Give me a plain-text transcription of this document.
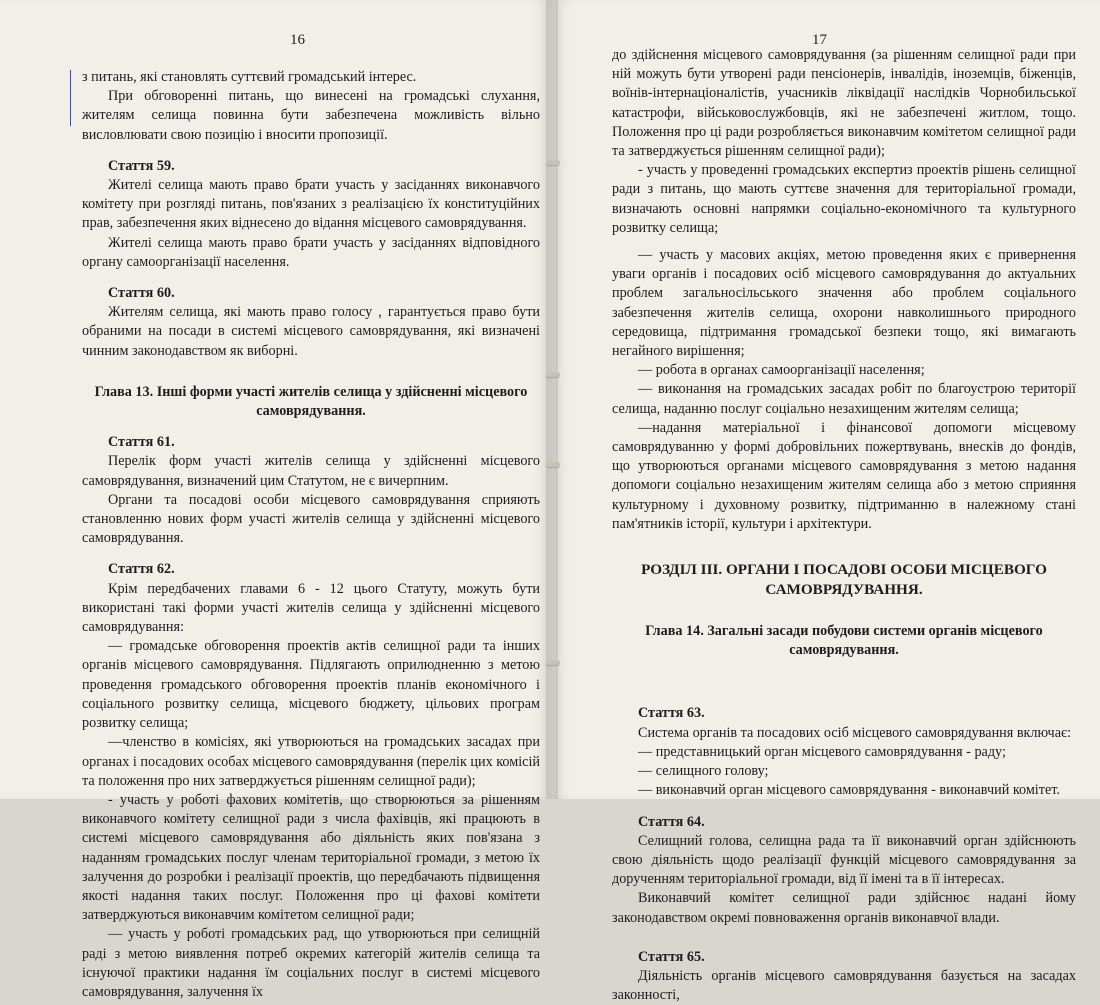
16	17

з питань, які становлять суттєвий громадський інтерес.

При обговоренні питань, що винесені на громадські слухання, жителям селища повинна бути забезпечена можливість вільно висловлювати свою позицію і вносити пропозиції.

Стаття 59.

Жителі селища мають право брати участь у засіданнях виконавчого комітету при розгляді питань, пов'язаних з реалізацією їх конституційних прав, забезпечення яких віднесено до відання місцевого самоврядування.

Жителі селища мають право брати участь у засіданнях відповідного органу самоорганізації населення.

Стаття 60.

Жителям селища, які мають право голосу , гарантується право бути обраними на посади в системі місцевого самоврядування, які визначені чинним законодавством як виборні.

Глава 13. Інші форми участі жителів селища у здійсненні місцевого самоврядування.
Стаття 61.

Перелік форм участі жителів селища у здійсненні місцевого самоврядування, визначений цим Статутом, не є вичерпним.

Органи та посадові особи місцевого самоврядування сприяють становленню нових форм участі жителів селища у здійсненні місцевого самоврядування.

Стаття 62.

Крім передбачених главами 6 - 12 цього Статуту, можуть бути використані такі форми участі жителів селища у здійсненні місцевого самоврядування:

— громадське обговорення проектів актів селищної ради та інших органів місцевого самоврядування. Підлягають оприлюдненню з метою проведення громадського обговорення проектів планів економічного і соціального розвитку селища, місцевого бюджету, цільових програм розвитку селища;

—членство в комісіях, які утворюються на громадських засадах при органах і посадових особах місцевого самоврядування (перелік цих комісій та положення про них затверджується рішенням селищної ради);

- участь у роботі фахових комітетів, що створюються за рішенням виконавчого комітету селищної ради з числа фахівців, які працюють в системі місцевого самоврядування або діяльність яких пов'язана з наданням громадських послуг членам територіальної громади, з метою їх залучення до розробки і реалізації проектів, що передбачають підвищення якості надання таких послуг. Положення про ці фахові комітети затверджуються виконавчим комітетом селищної ради;

— участь у роботі громадських рад, що утворюються при селищній раді з метою виявлення потреб окремих категорій жителів селища та існуючої практики надання їм соціальних послуг в системі місцевого самоврядування, залучення їх

до здійснення місцевого самоврядування (за рішенням селищної ради при ній можуть бути утворені ради пенсіонерів, інвалідів, іноземців, біженців, воїнів-інтернаціоналістів, учасників ліквідації наслідків Чорнобильської катастрофи, військовослужбовців, які не забезпечені житлом, тощо. Положення про ці ради розробляється виконавчим комітетом селищної ради та затверджується рішенням селищної ради);

- участь у проведенні громадських експертиз проектів рішень селищної ради з питань, що мають суттєве значення для територіальної громади, визначають основні напрямки соціально-економічного та культурного розвитку селища;

— участь у масових акціях, метою проведення яких є привернення уваги органів і посадових осіб місцевого самоврядування до актуальних проблем загальносільського значення або проблем соціального забезпечення жителів селища, охорони навколишнього природного середовища, підтримання громадської безпеки тощо, які вимагають негайного вирішення;

— робота в органах самоорганізації населення;

— виконання на громадських засадах робіт по благоустрою території селища, наданню послуг соціально незахищеним жителям селища;

—надання матеріальної і фінансової допомоги місцевому самоврядуванню у формі добровільних пожертвувань, внесків до фондів, що утворюються органами місцевого самоврядування з метою надання допомоги соціально незахищеним жителям селища або з метою сприяння культурному і духовному розвитку, підтриманню в належному стані пам'ятників історії, культури і архітектури.

РОЗДІЛ III. ОРГАНИ І ПОСАДОВІ ОСОБИ МІСЦЕВОГО САМОВРЯДУВАННЯ.
Глава 14. Загальні засади побудови системи органів місцевого самоврядування.
Стаття 63.

Система органів та посадових осіб місцевого самоврядування включає:

— представницький орган місцевого самоврядування - раду;

— селищного голову;

— виконавчий орган місцевого самоврядування - виконавчий комітет.

Стаття 64.

Селищний голова, селищна рада та її виконавчий орган здійснюють свою діяльність щодо реалізації функцій місцевого самоврядування за дорученням територіальної громади, від її імені та в її інтересах.

Виконавчий комітет селищної ради здійснює надані йому законодавством окремі повноваження органів виконавчої влади.

Стаття 65.

Діяльність органів місцевого самоврядування базується на засадах законності,
